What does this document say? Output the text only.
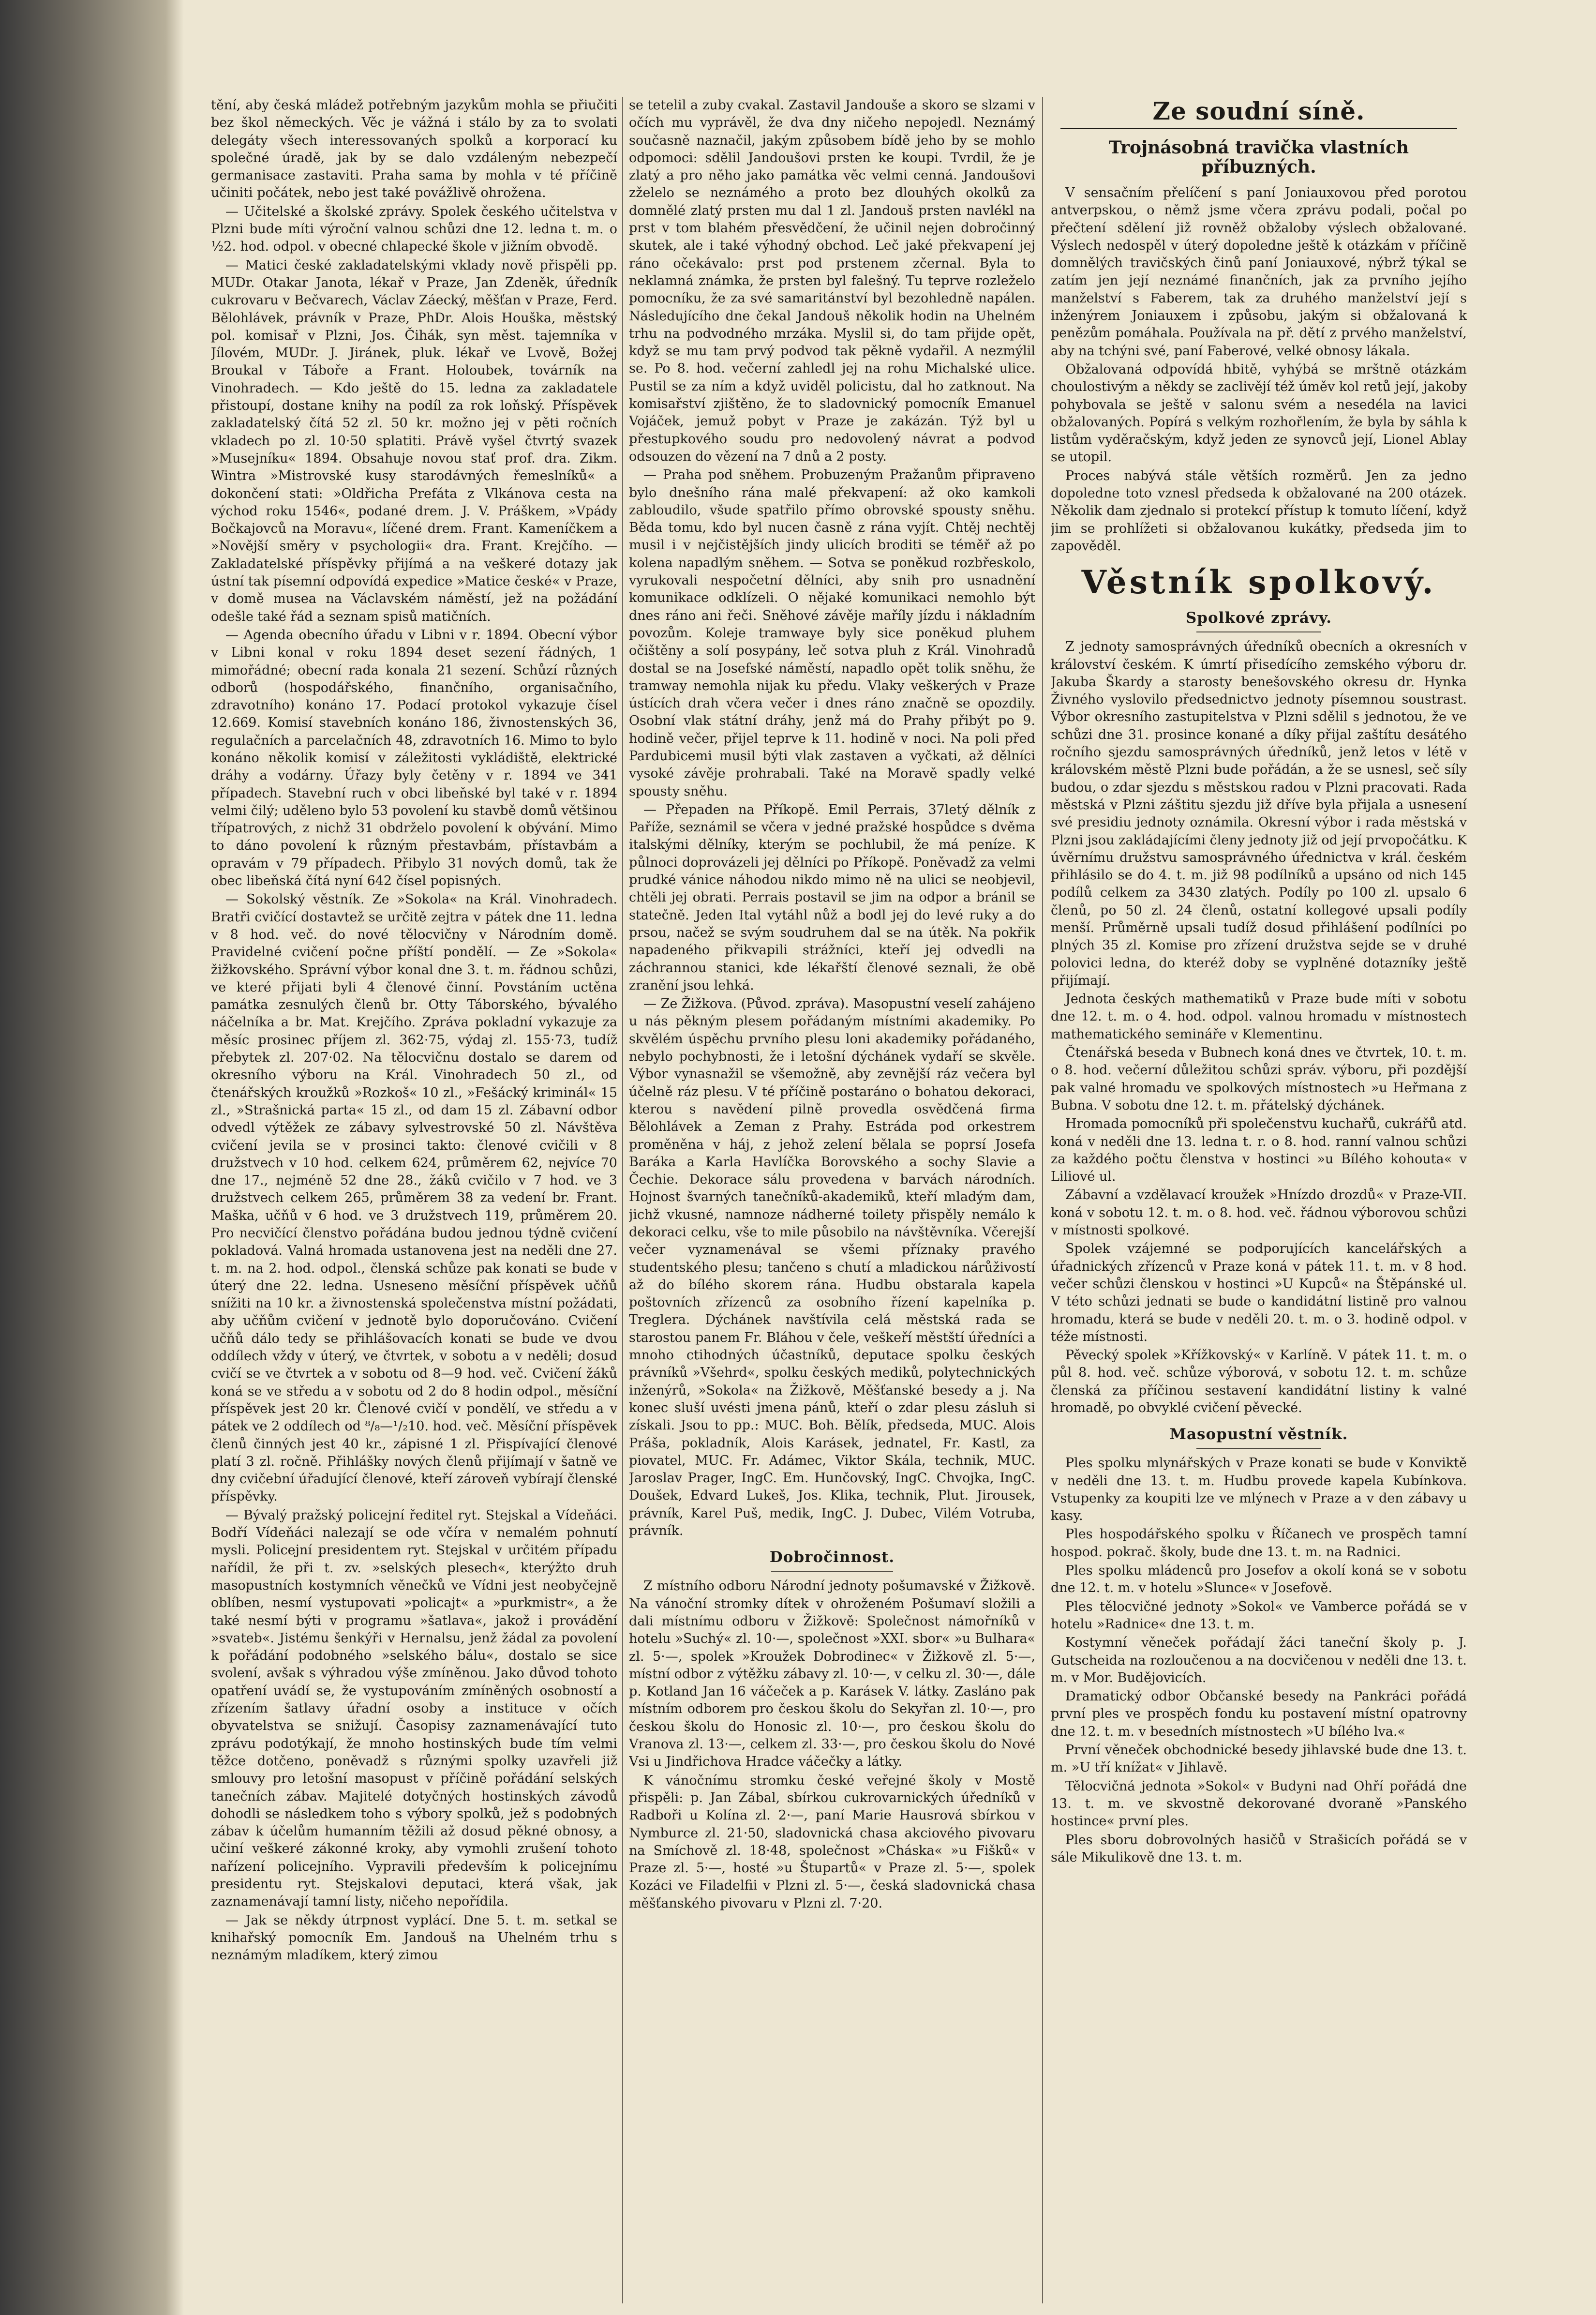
tění, aby česká mládež potřebným jazykům mohla se přiučiti bez škol německých. Věc je vážná i stálo by za to svolati delegáty všech interessovaných spolků a korporací ku společné úradě, jak by se dalo vzdáleným nebezpečí germanisace zastaviti. Praha sama by mohla v té příčině učiniti počátek, nebo jest také povážlivě ohrožena.

— Učitelské a školské zprávy. Spolek českého učitelstva v Plzni bude míti výroční valnou schůzi dne 12. ledna t. m. o ½2. hod. odpol. v obecné chlapecké škole v jižním obvodě.

— Matici české zakladatelskými vklady nově přispěli pp. MUDr. Otakar Janota, lékař v Praze, Jan Zdeněk, úředník cukrovaru v Bečvarech, Václav Záecký, měšťan v Praze, Ferd. Bělohlávek, právník v Praze, PhDr. Alois Houška, městský pol. komisař v Plzni, Jos. Čihák, syn měst. tajemníka v Jílovém, MUDr. J. Jiránek, pluk. lékař ve Lvově, Božej Broukal v Táboře a Frant. Holoubek, továrník na Vinohradech. — Kdo ještě do 15. ledna za zakladatele přistoupí, dostane knihy na podíl za rok loňský. Příspěvek zakladatelský čítá 52 zl. 50 kr. možno jej v pěti ročních vkladech po zl. 10·50 splatiti. Právě vyšel čtvrtý svazek »Musejníku« 1894. Obsahuje novou stať prof. dra. Zikm. Wintra »Mistrovské kusy starodávných řemeslníků« a dokončení stati: »Oldřicha Prefáta z Vlkánova cesta na východ roku 1546«, podané drem. J. V. Práškem, »Vpády Bočkajovců na Moravu«, líčené drem. Frant. Kameníčkem a »Novější směry v psychologii« dra. Frant. Krejčího. — Zakladatelské příspěvky přijímá a na veškeré dotazy jak ústní tak písemní odpovídá expedice »Matice české« v Praze, v domě musea na Václavském náměstí, jež na požádání odešle také řád a seznam spisů matičních.

— Agenda obecního úřadu v Libni v r. 1894. Obecní výbor v Libni konal v roku 1894 deset sezení řádných, 1 mimořádné; obecní rada konala 21 sezení. Schůzí různých odborů (hospodářského, finančního, organisačního, zdravotního) konáno 17. Podací protokol vykazuje čísel 12.669. Komisí stavebních konáno 186, živnostenských 36, regulačních a parcelačních 48, zdravotních 16. Mimo to bylo konáno několik komisí v záležitosti vykládiště, elektrické dráhy a vodárny. Úřazy byly četěny v r. 1894 ve 341 případech. Stavební ruch v obci libeňské byl také v r. 1894 velmi čilý; uděleno bylo 53 povolení ku stavbě domů většinou třípatrových, z nichž 31 obdrželo povolení k obývání. Mimo to dáno povolení k různým přestavbám, přístavbám a opravám v 79 případech. Přibylo 31 nových domů, tak že obec libeňská čítá nyní 642 čísel popisných.

— Sokolský věstník. Ze »Sokola« na Král. Vinohradech. Bratři cvičící dostavtež se určitě zejtra v pátek dne 11. ledna v 8 hod. več. do nové tělocvičny v Národním domě. Pravidelné cvičení počne příští pondělí. — Ze »Sokola« žižkovského. Správní výbor konal dne 3. t. m. řádnou schůzi, ve které přijati byli 4 členové činní. Povstáním uctěna památka zesnulých členů br. Otty Táborského, bývalého náčelníka a br. Mat. Krejčího. Zpráva pokladní vykazuje za měsíc prosinec příjem zl. 362·75, výdaj zl. 155·73, tudíž přebytek zl. 207·02. Na tělocvičnu dostalo se darem od okresního výboru na Král. Vinohradech 50 zl., od čtenářských kroužků »Rozkoš« 10 zl., »Fešácký kriminál« 15 zl., »Strašnická parta« 15 zl., od dam 15 zl. Zábavní odbor odvedl výtěžek ze zábavy sylvestrovské 50 zl. Návštěva cvičení jevila se v prosinci takto: členové cvičili v 8 družstvech v 10 hod. celkem 624, průměrem 62, nejvíce 70 dne 17., nejméně 52 dne 28., žáků cvičilo v 7 hod. ve 3 družstvech celkem 265, průměrem 38 za vedení br. Frant. Maška, učňů v 6 hod. ve 3 družstvech 119, průměrem 20. Pro necvičící členstvo pořádána budou jednou týdně cvičení pokladová. Valná hromada ustanovena jest na neděli dne 27. t. m. na 2. hod. odpol., členská schůze pak konati se bude v úterý dne 22. ledna. Usneseno měsíční příspěvek učňů snížiti na 10 kr. a živnostenská společenstva místní požádati, aby učňům cvičení v jednotě bylo doporučováno. Cvičení učňů dálo tedy se přihlášovacích konati se bude ve dvou oddílech vždy v úterý, ve čtvrtek, v sobotu a v neděli; dosud cvičí se ve čtvrtek a v sobotu od 8—9 hod. več. Cvičení žáků koná se ve středu a v sobotu od 2 do 8 hodin odpol., měsíční příspěvek jest 20 kr. Členové cvičí v pondělí, ve středu a v pátek ve 2 oddílech od ⁸/₈—¹/₂10. hod. več. Měsíční příspěvek členů činných jest 40 kr., zápisné 1 zl. Přispívající členové platí 3 zl. ročně. Přihlášky nových členů přijímají v šatně ve dny cvičební úřadující členové, kteří zároveň vybírají členské příspěvky.

— Bývalý pražský policejní ředitel ryt. Stejskal a Vídeňáci. Bodří Vídeňáci nalezají se ode včíra v nemalém pohnutí mysli. Policejní presidentem ryt. Stejskal v určitém případu nařídil, že při t. zv. »selských plesech«, kterýžto druh masopustních kostymních věnečků ve Vídni jest neobyčejně oblíben, nesmí vystupovati »policajt« a »purkmistr«, a že také nesmí býti v programu »šatlava«, jakož i provádění »svateb«. Jistému šenkýři v Hernalsu, jenž žádal za povolení k pořádání podobného »selského bálu«, dostalo se sice svolení, avšak s výhradou výše zmíněnou. Jako důvod tohoto opatření uvádí se, že vystupováním zmíněných osobností a zřízením šatlavy úřadní osoby a instituce v očích obyvatelstva se snižují. Časopisy zaznamenávající tuto zprávu podotýkají, že mnoho hostinských bude tím velmi těžce dotčeno, poněvadž s různými spolky uzavřeli již smlouvy pro letošní masopust v příčině pořádání selských tanečních zábav. Majitelé dotyčných hostinských závodů dohodli se následkem toho s výbory spolků, jež s podobných zábav k účelům humanním těžili až dosud pěkné obnosy, a učiní veškeré zákonné kroky, aby vymohli zrušení tohoto nařízení policejního. Vypravili především k policejnímu presidentu ryt. Stejskalovi deputaci, která však, jak zaznamenávají tamní listy, ničeho nepořídila.

— Jak se někdy útrpnost vyplácí. Dne 5. t. m. setkal se knihařský pomocník Em. Jandouš na Uhelném trhu s neznámým mladíkem, který zimou

se tetelil a zuby cvakal. Zastavil Jandouše a skoro se slzami v očích mu vyprávěl, že dva dny ničeho nepojedl. Neznámý současně naznačil, jakým způsobem bídě jeho by se mohlo odpomoci: sdělil Jandoušovi prsten ke koupi. Tvrdil, že je zlatý a pro něho jako památka věc velmi cenná. Jandoušovi zželelo se neznámého a proto bez dlouhých okolků za domnělé zlatý prsten mu dal 1 zl. Jandouš prsten navlékl na prst v tom blahém přesvědčení, že učinil nejen dobročinný skutek, ale i také výhodný obchod. Leč jaké překvapení jej ráno očekávalo: prst pod prstenem zčernal. Byla to neklamná známka, že prsten byl falešný. Tu teprve rozleželo pomocníku, že za své samaritánství byl bezohledně napálen. Následujícího dne čekal Jandouš několik hodin na Uhelném trhu na podvodného mrzáka. Myslil si, do tam přijde opět, když se mu tam prvý podvod tak pěkně vydařil. A nezmýlil se. Po 8. hod. večerní zahledl jej na rohu Michalské ulice. Pustil se za ním a když uviděl policistu, dal ho zatknout. Na komisařství zjištěno, že to sladovnický pomocník Emanuel Vojáček, jemuž pobyt v Praze je zakázán. Týž byl u přestupkového soudu pro nedovolený návrat a podvod odsouzen do vězení na 7 dnů a 2 posty.

— Praha pod sněhem. Probuzeným Pražanům připraveno bylo dnešního rána malé překvapení: až oko kamkoli zabloudilo, všude spatřilo přímo obrovské spousty sněhu. Běda tomu, kdo byl nucen časně z rána vyjít. Chtěj nechtěj musil i v nejčistějších jindy ulicích broditi se téměř až po kolena napadlým sněhem. — Sotva se poněkud rozbřeskolo, vyrukovali nespočetní dělníci, aby snih pro usnadnění komunikace odklízeli. O nějaké komunikaci nemohlo být dnes ráno ani řeči. Sněhové závěje maříly jízdu i nákladním povozům. Koleje tramwaye byly sice poněkud pluhem očištěny a solí posypány, leč sotva pluh z Král. Vinohradů dostal se na Josefské náměstí, napadlo opět tolik sněhu, že tramway nemohla nijak ku předu. Vlaky veškerých v Praze ústících drah včera večer i dnes ráno značně se opozdily. Osobní vlak státní dráhy, jenž má do Prahy přibýt po 9. hodině večer, přijel teprve k 11. hodině v noci. Na poli před Pardubicemi musil býti vlak zastaven a vyčkati, až dělníci vysoké závěje prohrabali. Také na Moravě spadly velké spousty sněhu.

— Přepaden na Příkopě. Emil Perrais, 37letý dělník z Paříže, seznámil se včera v jedné pražské hospůdce s dvěma italskými dělníky, kterým se pochlubil, že má peníze. K půlnoci doprovázeli jej dělníci po Příkopě. Poněvadž za velmi prudké vánice náhodou nikdo mimo ně na ulici se neobjevil, chtěli jej obrati. Perrais postavil se jim na odpor a bránil se statečně. Jeden Ital vytáhl nůž a bodl jej do levé ruky a do prsou, načež se svým soudruhem dal se na útěk. Na pokřik napadeného přikvapili strážníci, kteří jej odvedli na záchrannou stanici, kde lékařští členové seznali, že obě zranění jsou lehká.

— Ze Žižkova. (Původ. zpráva). Masopustní veselí zahájeno u nás pěkným plesem pořádaným místními akademiky. Po skvělém úspěchu prvního plesu loni akademiky pořádaného, nebylo pochybnosti, že i letošní dýchánek vydaří se skvěle. Výbor vynasnažil se všemožně, aby zevnější ráz večera byl účelně ráz plesu. V té příčině postaráno o bohatou dekoraci, kterou s navědení pilně provedla osvědčená firma Bělohlávek a Zeman z Prahy. Estráda pod orkestrem proměněna v háj, z jehož zelení bělala se poprsí Josefa Baráka a Karla Havlíčka Borovského a sochy Slavie a Čechie. Dekorace sálu provedena v barvách národních. Hojnost švarných tanečníků-akademiků, kteří mladým dam, jichž vkusné, namnoze nádherné toilety přispěly nemálo k dekoraci celku, vše to mile působilo na návštěvníka. Včerejší večer vyznamenával se všemi příznaky pravého studentského plesu; tančeno s chutí a mladickou nárůživostí až do bílého skorem rána. Hudbu obstarala kapela poštovních zřízenců za osobního řízení kapelníka p. Treglera. Dýchánek navštívila celá městská rada se starostou panem Fr. Bláhou v čele, veškeří městští úředníci a mnoho ctihodných účastníků, deputace spolku českých právníků »Všehrd«, spolku českých mediků, polytechnických inženýrů, »Sokola« na Žižkově, Měšťanské besedy a j. Na konec sluší uvésti jmena pánů, kteří o zdar plesu zásluh si získali. Jsou to pp.: MUC. Boh. Bělík, předseda, MUC. Alois Práša, pokladník, Alois Karásek, jednatel, Fr. Kastl, za piovatel, MUC. Fr. Adámec, Viktor Skála, technik, MUC. Jaroslav Prager, IngC. Em. Hunčovský, IngC. Chvojka, IngC. Doušek, Edvard Lukeš, Jos. Klika, technik, Plut. Jirousek, právník, Karel Puš, medik, IngC. J. Dubec, Vilém Votruba, právník.

Dobročinnost.

Z místního odboru Národní jednoty pošumavské v Žižkově. Na vánoční stromky dítek v ohroženém Pošumaví složili a dali místnímu odboru v Žižkově: Společnost námořníků v hotelu »Suchý« zl. 10·—, společnost »XXI. sbor« »u Bulhara« zl. 5·—, spolek »Kroužek Dobrodinec« v Žižkově zl. 5·—, místní odbor z výtěžku zábavy zl. 10·—, v celku zl. 30·—, dále p. Kotland Jan 16 váčeček a p. Karásek V. látky. Zasláno pak místním odborem pro českou školu do Sekyřan zl. 10·—, pro českou školu do Honosic zl. 10·—, pro českou školu do Vranova zl. 13·—, celkem zl. 33·—, pro českou školu do Nové Vsi u Jindřichova Hradce váčečky a látky.

K vánočnímu stromku české veřejné školy v Mostě přispěli: p. Jan Zábal, sbírkou cukrovarnických úředníků v Radboři u Kolína zl. 2·—, paní Marie Hausrová sbírkou v Nymburce zl. 21·50, sladovnická chasa akciového pivovaru na Smíchově zl. 18·48, společnost »Cháska« »u Fišků« v Praze zl. 5·—, hosté »u Štupartů« v Praze zl. 5·—, spolek Kozáci ve Filadelfii v Plzni zl. 5·—, česká sladovnická chasa měšťanského pivovaru v Plzni zl. 7·20.

Ze soudní síně.
Trojnásobná travička vlastních
příbuzných.

V sensačním přelíčení s paní Joniauxovou před porotou antverpskou, o němž jsme včera zprávu podali, počal po přečtení sdělení již rovněž obžaloby výslech obžalované. Výslech nedospěl v úterý dopoledne ještě k otázkám v příčině domnělých travičských činů paní Joniauxové, nýbrž týkal se zatím jen její neznámé finančních, jak za prvního jejího manželství s Faberem, tak za druhého manželství její s inženýrem Joniauxem i způsobu, jakým si obžalovaná k penězům pomáhala. Používala na př. dětí z prvého manželství, aby na tchýni své, paní Faberové, velké obnosy lákala.

Obžalovaná odpovídá hbitě, vyhýbá se mrštně otázkám choulostivým a někdy se zaclivějí též úměv kol retů její, jakoby pohybovala se ještě v salonu svém a nesedéla na lavici obžalovaných. Popírá s velkým rozhořlením, že byla by sáhla k listům vyděračským, když jeden ze synovců její, Lionel Ablay se utopil.

Proces nabývá stále větších rozměrů. Jen za jedno dopoledne toto vznesl předseda k obžalované na 200 otázek. Několik dam zjednalo si protekcí přístup k tomuto líčení, když jim se prohlížeti si obžalovanou kukátky, předseda jim to zapověděl.

Věstník spolkový.
Spolkové zprávy.

Z jednoty samosprávných úředníků obecních a okresních v království českém. K úmrtí přisedícího zemského výboru dr. Jakuba Škardy a starosty benešovského okresu dr. Hynka Živného vyslovilo předsednictvo jednoty písemnou soustrast. Výbor okresního zastupitelstva v Plzni sdělil s jednotou, že ve schůzi dne 31. prosince konané a díky přijal zaštítu desátého ročního sjezdu samosprávných úředníků, jenž letos v létě v královském městě Plzni bude pořádán, a že se usnesl, seč síly budou, o zdar sjezdu s městskou radou v Plzni pracovati. Rada městská v Plzni záštitu sjezdu již dříve byla přijala a usnesení své presidiu jednoty oznámila. Okresní výbor i rada městská v Plzni jsou zakládajícími členy jednoty již od její prvopočátku. K úvěrnímu družstvu samosprávného úřednictva v král. českém přihlásilo se do 4. t. m. již 98 podílníků a upsáno od nich 145 podílů celkem za 3430 zlatých. Podíly po 100 zl. upsalo 6 členů, po 50 zl. 24 členů, ostatní kollegové upsali podíly menší. Průměrně upsali tudíž dosud přihlášení podílníci po plných 35 zl. Komise pro zřízení družstva sejde se v druhé polovici ledna, do kteréž doby se vyplněné dotazníky ještě přijímají.

Jednota českých mathematiků v Praze bude míti v sobotu dne 12. t. m. o 4. hod. odpol. valnou hromadu v místnostech mathematického semináře v Klementinu.

Čtenářská beseda v Bubnech koná dnes ve čtvrtek, 10. t. m. o 8. hod. večerní důležitou schůzi správ. výboru, při pozdější pak valné hromadu ve spolkových místnostech »u Heřmana z Bubna. V sobotu dne 12. t. m. přátelský dýchánek.

Hromada pomocníků při společenstvu kuchařů, cukrářů atd. koná v neděli dne 13. ledna t. r. o 8. hod. ranní valnou schůzi za každého počtu členstva v hostinci »u Bílého kohouta« v Liliové ul.

Zábavní a vzdělavací kroužek »Hnízdo drozdů« v Praze-VII. koná v sobotu 12. t. m. o 8. hod. več. řádnou výborovou schůzi v místnosti spolkové.

Spolek vzájemné se podporujících kancelářských a úřadnických zřízenců v Praze koná v pátek 11. t. m. v 8 hod. večer schůzi členskou v hostinci »U Kupců« na Štěpánské ul. V této schůzi jednati se bude o kandidátní listině pro valnou hromadu, která se bude v neděli 20. t. m. o 3. hodině odpol. v téže místnosti.

Pěvecký spolek »Křížkovský« v Karlíně. V pátek 11. t. m. o půl 8. hod. več. schůze výborová, v sobotu 12. t. m. schůze členská za příčinou sestavení kandidátní listiny k valné hromadě, po obvyklé cvičení pěvecké.

Masopustní věstník.

Ples spolku mlynářských v Praze konati se bude v Konviktě v neděli dne 13. t. m. Hudbu provede kapela Kubínkova. Vstupenky za koupiti lze ve mlýnech v Praze a v den zábavy u kasy.

Ples hospodářského spolku v Říčanech ve prospěch tamní hospod. pokrač. školy, bude dne 13. t. m. na Radnici.

Ples spolku mládenců pro Josefov a okolí koná se v sobotu dne 12. t. m. v hotelu »Slunce« v Josefově.

Ples tělocvičné jednoty »Sokol« ve Vamberce pořádá se v hotelu »Radnice« dne 13. t. m.

Kostymní věneček pořádají žáci taneční školy p. J. Gutscheida na rozloučenou a na docvičenou v neděli dne 13. t. m. v Mor. Budějovicích.

Dramatický odbor Občanské besedy na Pankráci pořádá první ples ve prospěch fondu ku postavení místní opatrovny dne 12. t. m. v besedních místnostech »U bílého lva.«

První věneček obchodnické besedy jihlavské bude dne 13. t. m. »U tří knížat« v Jihlavě.

Tělocvičná jednota »Sokol« v Budyni nad Ohří pořádá dne 13. t. m. ve skvostně dekorované dvoraně »Panského hostince« první ples.

Ples sboru dobrovolných hasičů v Strašicích pořádá se v sále Mikulikově dne 13. t. m.
